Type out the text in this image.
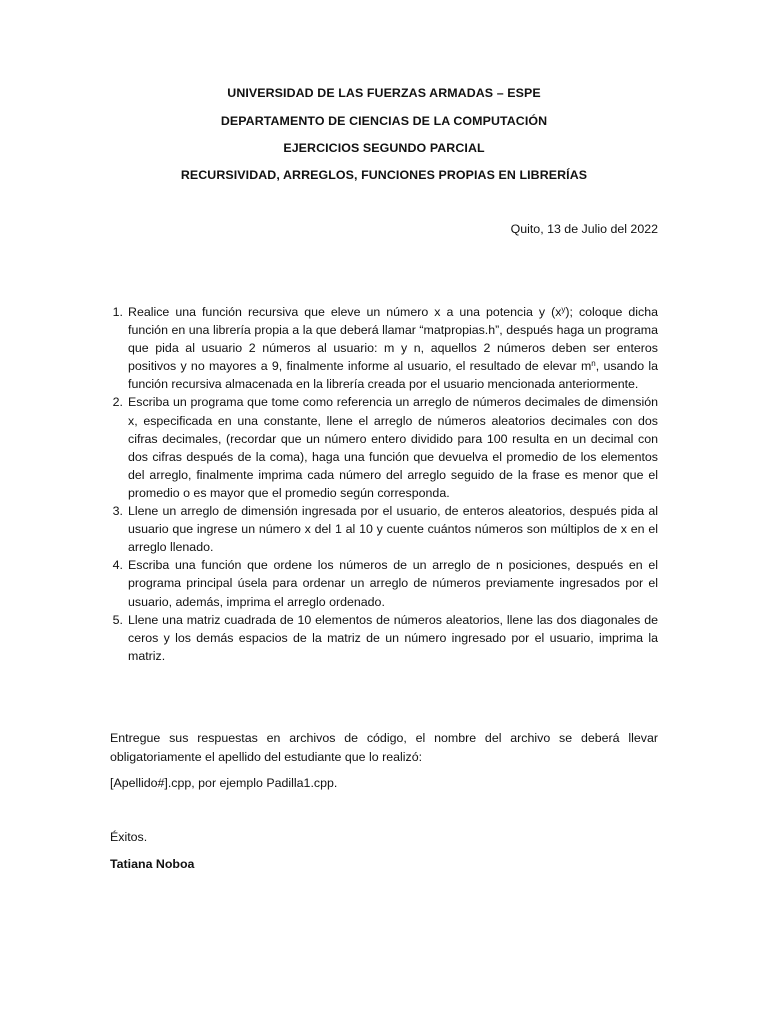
UNIVERSIDAD DE LAS FUERZAS ARMADAS – ESPE
DEPARTAMENTO DE CIENCIAS DE LA COMPUTACIÓN
EJERCICIOS SEGUNDO PARCIAL
RECURSIVIDAD, ARREGLOS, FUNCIONES PROPIAS EN LIBRERÍAS
Quito, 13 de Julio del 2022
1. Realice una función recursiva que eleve un número x a una potencia y $(x^y)$; coloque dicha función en una librería propia a la que deberá llamar “matpropias.h”, después haga un programa que pida al usuario 2 números al usuario: m y n, aquellos 2 números deben ser enteros positivos y no mayores a 9, finalmente informe al usuario, el resultado de elevar $m^n$, usando la función recursiva almacenada en la librería creada por el usuario mencionada anteriormente.
2. Escriba un programa que tome como referencia un arreglo de números decimales de dimensión x, especificada en una constante, llene el arreglo de números aleatorios decimales con dos cifras decimales, (recordar que un número entero dividido para 100 resulta en un decimal con dos cifras después de la coma), haga una función que devuelva el promedio de los elementos del arreglo, finalmente imprima cada número del arreglo seguido de la frase es menor que el promedio o es mayor que el promedio según corresponda.
3. Llene un arreglo de dimensión ingresada por el usuario, de enteros aleatorios, después pida al usuario que ingrese un número x del 1 al 10 y cuente cuántos números son múltiplos de x en el arreglo llenado.
4. Escriba una función que ordene los números de un arreglo de n posiciones, después en el programa principal úsela para ordenar un arreglo de números previamente ingresados por el usuario, además, imprima el arreglo ordenado.
5. Llene una matriz cuadrada de 10 elementos de números aleatorios, llene las dos diagonales de ceros y los demás espacios de la matriz de un número ingresado por el usuario, imprima la matriz.

Entregue sus respuestas en archivos de código, el nombre del archivo se deberá llevar obligatoriamente el apellido del estudiante que lo realizó:

[Apellido#].cpp, por ejemplo Padilla1.cpp.
Éxitos.
Tatiana Noboa
